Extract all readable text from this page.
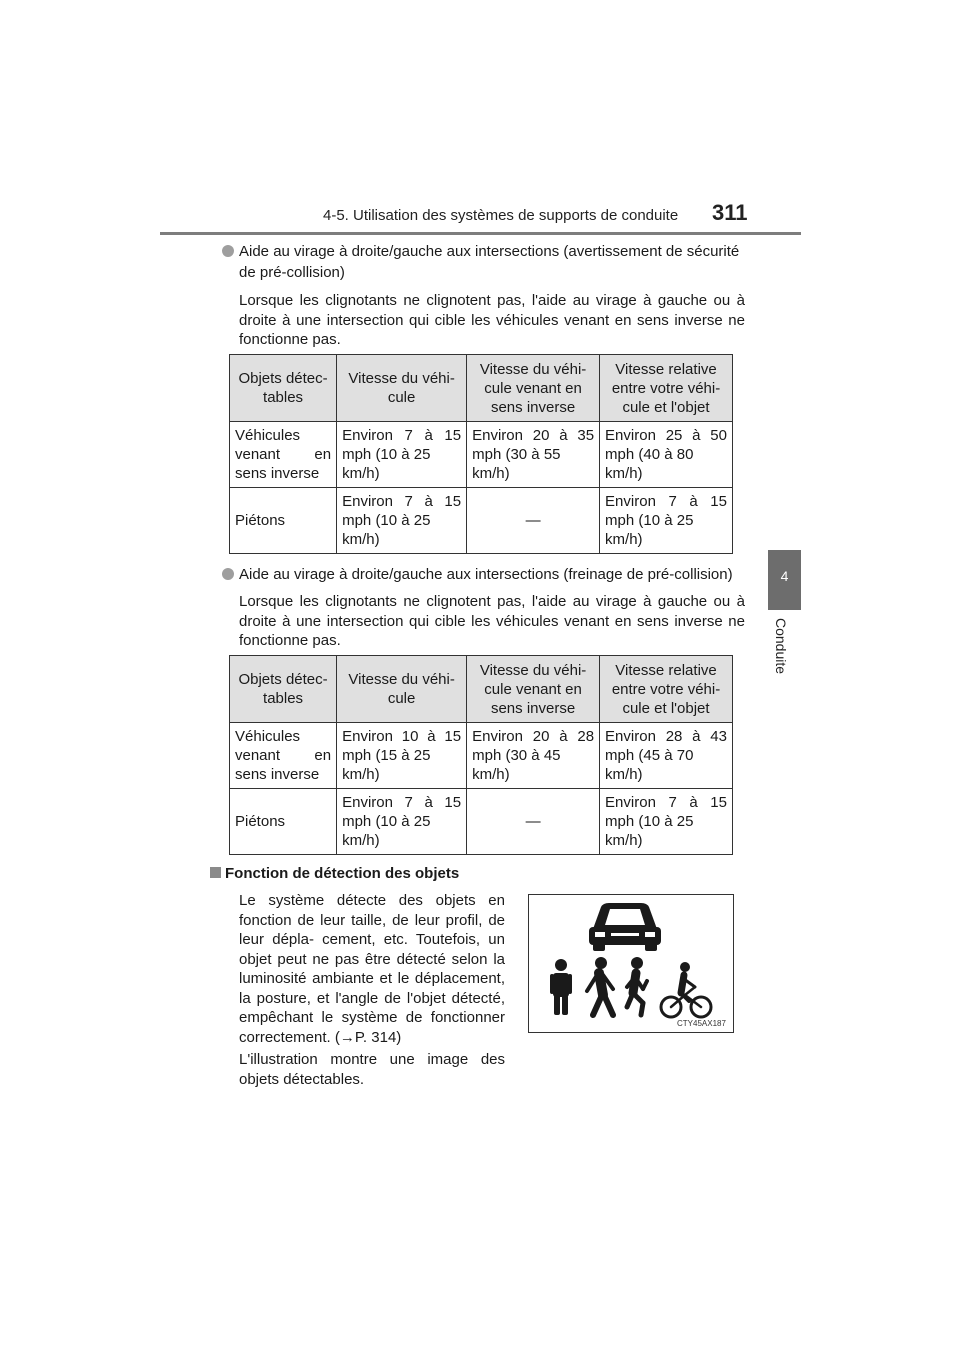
4-5. Utilisation des systèmes de supports de conduite 311
4
Conduite
Aide au virage à droite/gauche aux intersections (avertissement de sécurité
de pré-collision)
Lorsque les clignotants ne clignotent pas, l'aide au virage à gauche ou à droite à une intersection qui cible les véhicules venant en sens inverse ne fonctionne pas.
Objets détec- tables	Vitesse du véhi- cule	Vitesse du véhi- cule venant en sens inverse	Vitesse relative entre votre véhi- cule et l'objet
Véhicules

venant en
sens inverse	Environ 7 à 15
mph (10 à 25
km/h)	Environ 20 à 35
mph (30 à 55
km/h)	Environ 25 à 50
mph (40 à 80
km/h)
Piétons	Environ 7 à 15
mph (10 à 25
km/h)	—	Environ 7 à 15
mph (10 à 25
km/h)
Aide au virage à droite/gauche aux intersections (freinage de pré-collision)
Lorsque les clignotants ne clignotent pas, l'aide au virage à gauche ou à droite à une intersection qui cible les véhicules venant en sens inverse ne fonctionne pas.
Objets détec- tables	Vitesse du véhi- cule	Vitesse du véhi- cule venant en sens inverse	Vitesse relative entre votre véhi- cule et l'objet
Véhicules

venant en
sens inverse	Environ 10 à 15
mph (15 à 25
km/h)	Environ 20 à 28
mph (30 à 45
km/h)	Environ 28 à 43
mph (45 à 70
km/h)
Piétons	Environ 7 à 15
mph (10 à 25
km/h)	—	Environ 7 à 15
mph (10 à 25
km/h)
Fonction de détection des objets

Le système détecte des objets en fonction de leur taille, de leur profil, de leur dépla- cement, etc. Toutefois, un objet peut ne pas être détecté selon la luminosité ambiante et le déplacement, la posture, et l'angle de l'objet détecté, empêchant le système de fonctionner correctement. (→P. 314)

L'illustration montre une image des objets détectables.

CTY45AX187
